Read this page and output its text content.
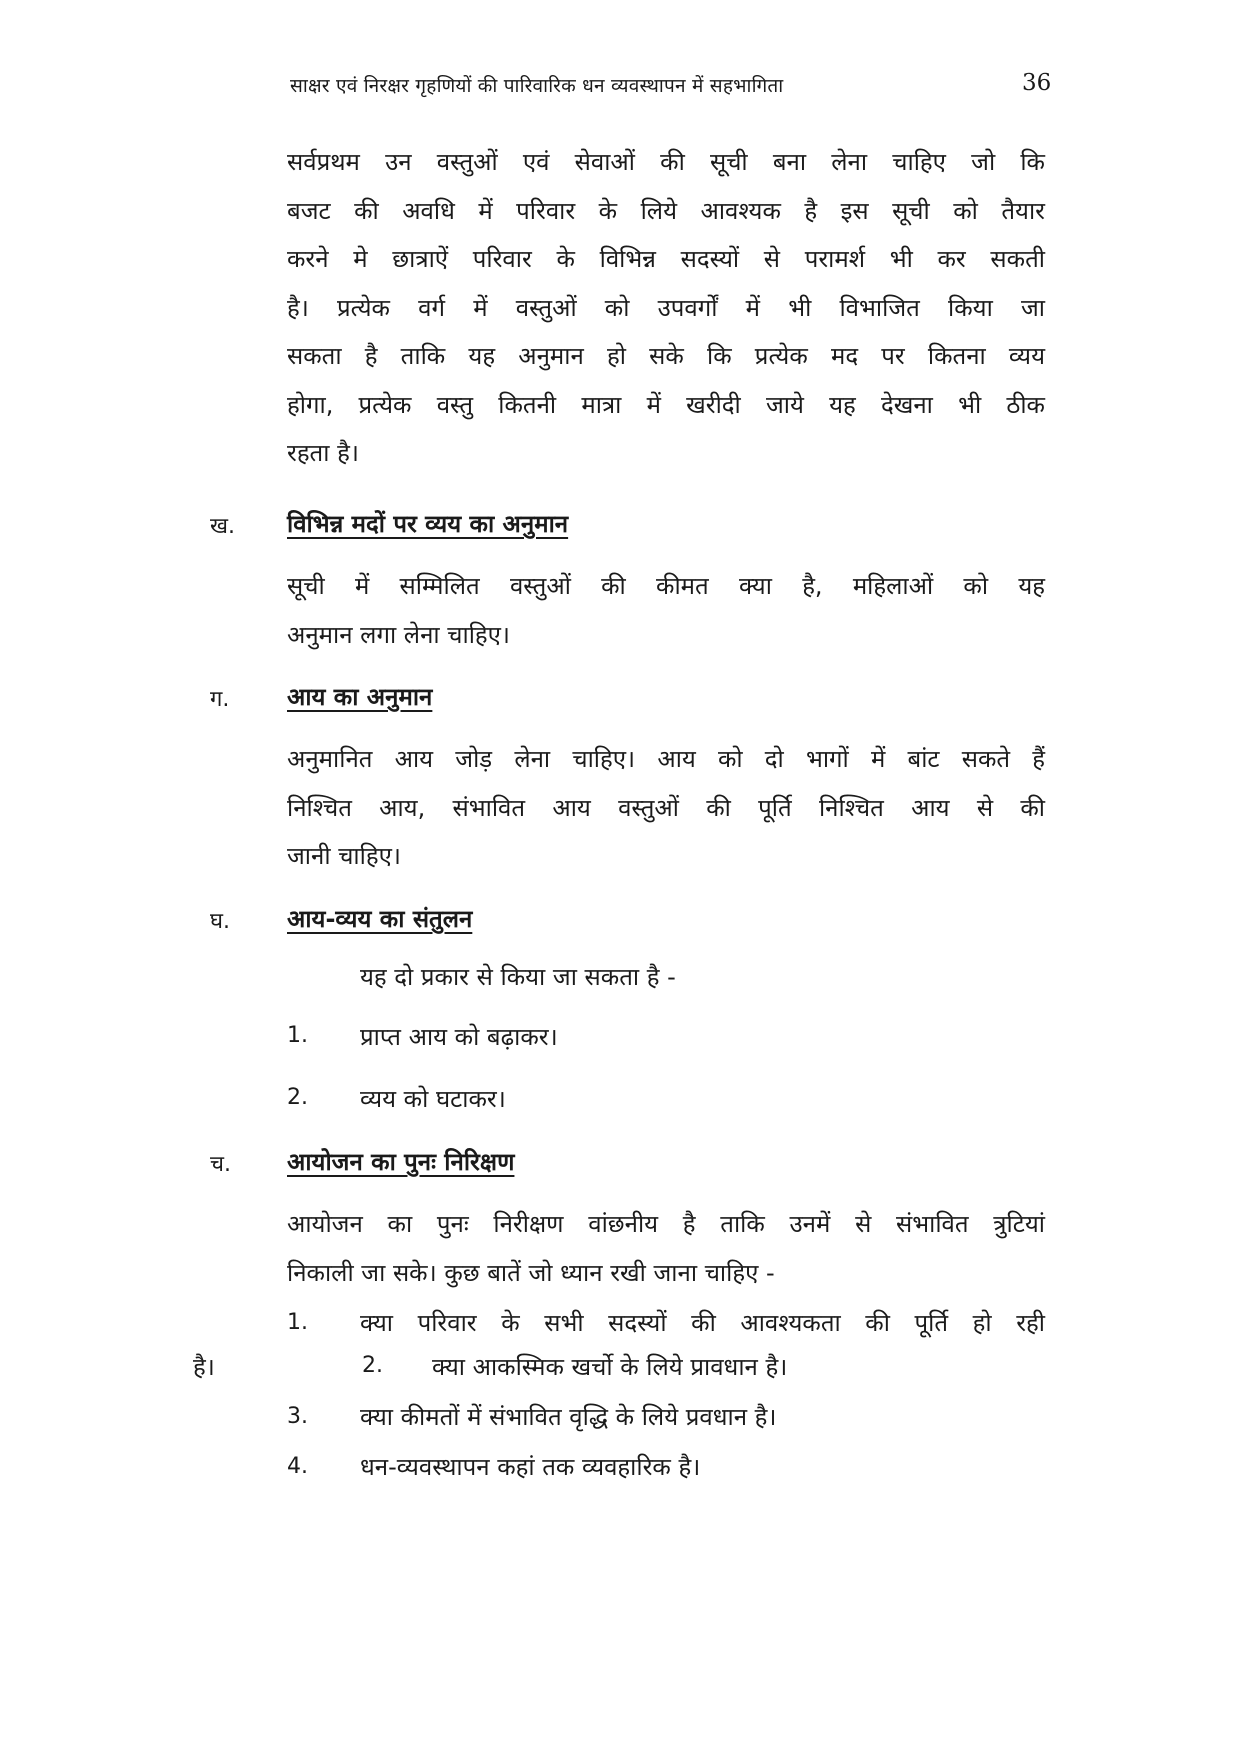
साक्षर एवं निरक्षर गृहणियों की पारिवारिक धन व्यवस्थापन में सहभागिता	36
सर्वप्रथम उन वस्तुओं एवं सेवाओं की सूची बना लेना चाहिए जो कि
बजट की अवधि में परिवार के लिये आवश्यक है इस सूची को तैयार
करने मे छात्राऐं परिवार के विभिन्न सदस्यों से परामर्श भी कर सकती
है। प्रत्येक वर्ग में वस्तुओं को उपवर्गों में भी विभाजित किया जा
सकता है ताकि यह अनुमान हो सके कि प्रत्येक मद पर कितना व्यय
होगा, प्रत्येक वस्तु कितनी मात्रा में खरीदी जाये यह देखना भी ठीक
रहता है।
ख. विभिन्न मदों पर व्यय का अनुमान
सूची में सम्मिलित वस्तुओं की कीमत क्या है, महिलाओं को यह
अनुमान लगा लेना चाहिए।
ग. आय का अनुमान
अनुमानित आय जोड़ लेना चाहिए। आय को दो भागों में बांट सकते हैं
निश्चित आय, संभावित आय वस्तुओं की पूर्ति निश्चित आय से की
जानी चाहिए।
घ. आय-व्यय का संतुलन
यह दो प्रकार से किया जा सकता है -
1. प्राप्त आय को बढ़ाकर।
2. व्यय को घटाकर।
च. आयोजन का पुनः निरिक्षण
आयोजन का पुनः निरीक्षण वांछनीय है ताकि उनमें से संभावित त्रुटियां
निकाली जा सके। कुछ बातें जो ध्यान रखी जाना चाहिए -
1. क्या परिवार के सभी सदस्यों की आवश्यकता की पूर्ति हो रही
है।	2. क्या आकस्मिक खर्चो के लिये प्रावधान है।
3. क्या कीमतों में संभावित वृद्धि के लिये प्रवधान है।
4. धन-व्यवस्थापन कहां तक व्यवहारिक है।
